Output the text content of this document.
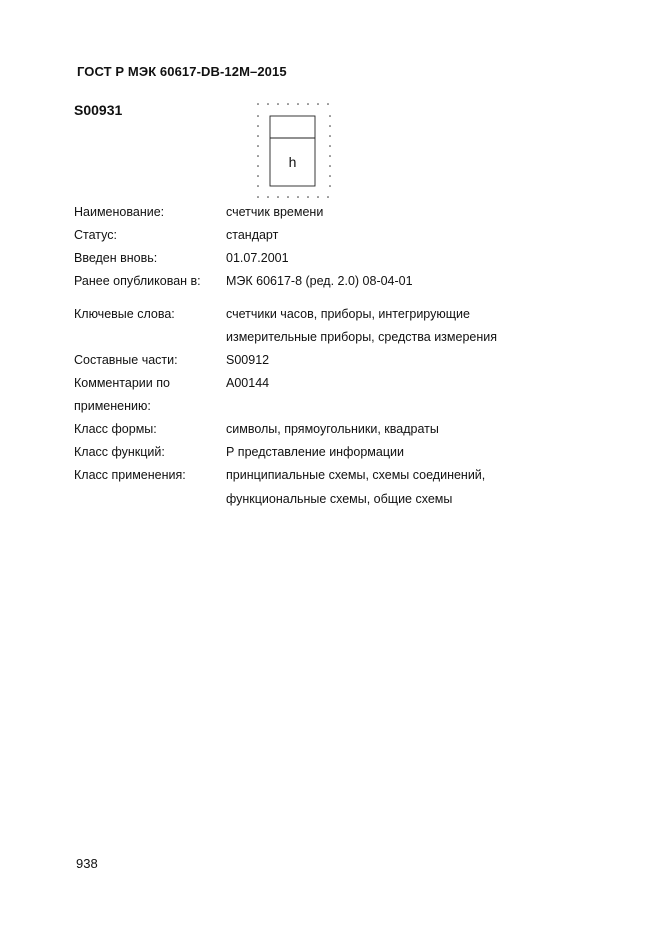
ГОСТ Р МЭК 60617-DB-12M–2015
S00931
h
Наименование:	счетчик времени
Статус:	стандарт
Введен вновь:	01.07.2001
Ранее опубликован в: МЭК 60617-8 (ред. 2.0) 08-04-01
Ключевые слова:	счетчики часов, приборы, интегрирующие
измерительные приборы, средства измерения
Составные части:	S00912
Комментарии по	A00144
применению:
Класс формы:	символы, прямоугольники, квадраты
Класс функций:	Р представление информации
Класс применения:	принципиальные схемы, схемы соединений,
функциональные схемы, общие схемы
938
